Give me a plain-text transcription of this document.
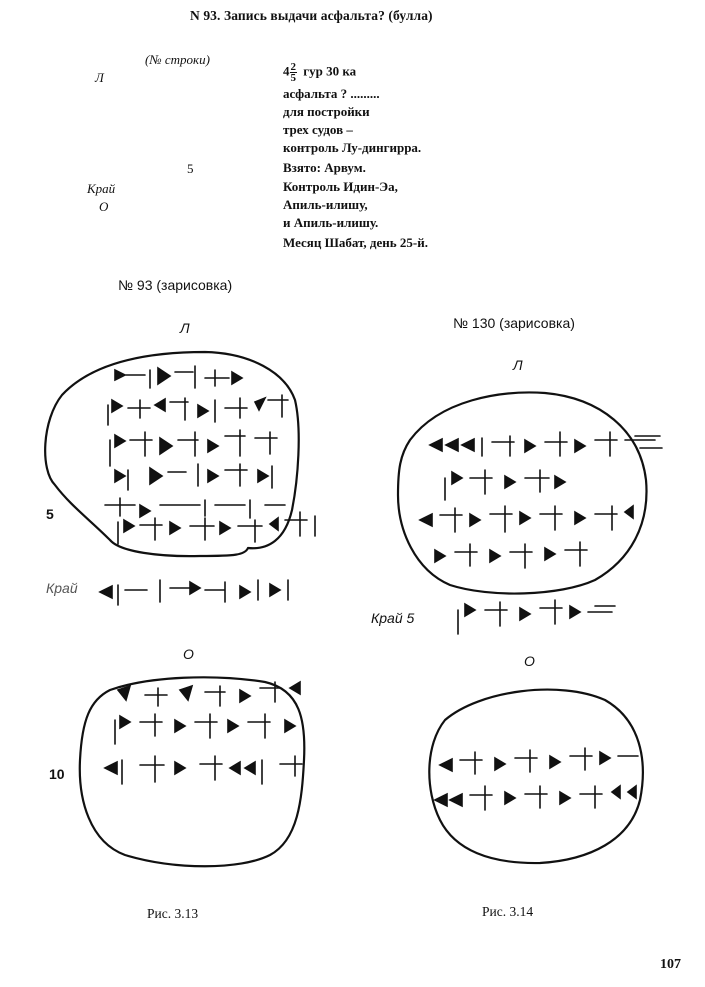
N 93. Запись выдачи асфальта? (булла)
(№ строки)
Л
5
Край
О
$4 \frac{2}{5}$ гур 30 ка
асфальта ? .........
для постройки
трех судов –
контроль Лу-дингирра.
Взято: Арвум.
Контроль Идин-Эа,
Апиль-илишу,
и Апиль-илишу.
Месяц Шабат, день 25-й.
№ 93 (зарисовка)
Л
5
Край
О
10
Рис. 3.13
№ 130 (зарисовка)
Л
Край 5
О
Рис. 3.14
107
